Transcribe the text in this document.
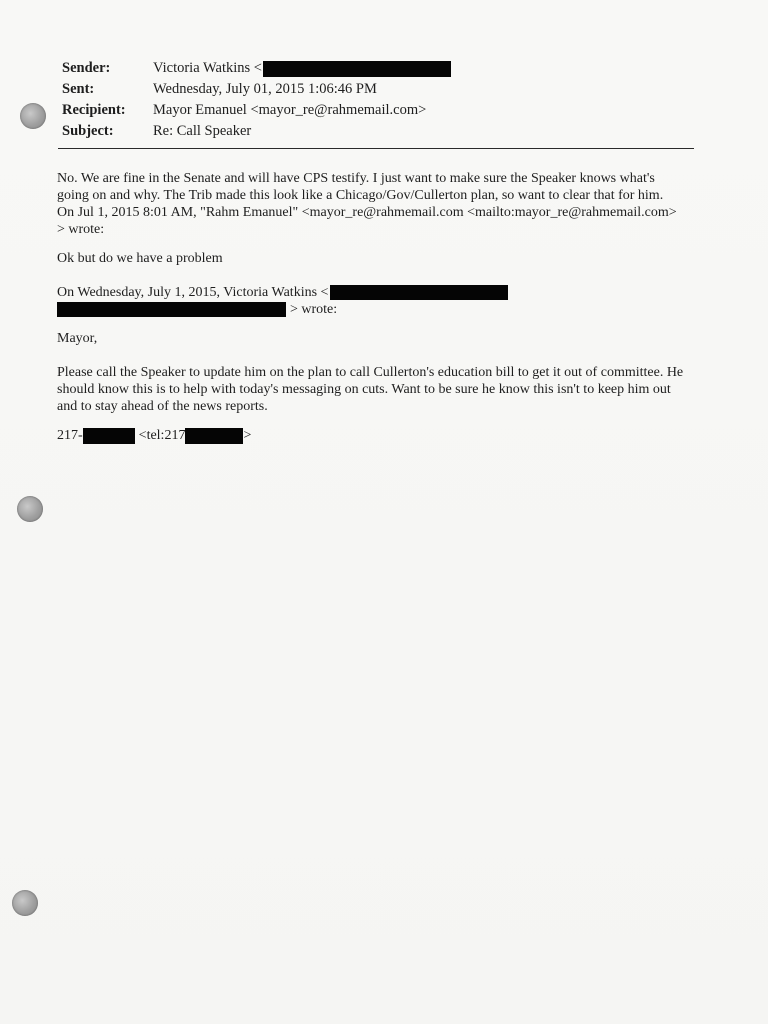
Sender:	Victoria Watkins <
Sent:	Wednesday, July 01, 2015 1:06:46 PM
Recipient: Mayor Emanuel <mayor_re@rahmemail.com>
Subject:	Re: Call Speaker
No. We are fine in the Senate and will have CPS testify. I just want to make sure the Speaker knows what's
going on and why. The Trib made this look like a Chicago/Gov/Cullerton plan, so want to clear that for him.
On Jul 1, 2015 8:01 AM, "Rahm Emanuel" <mayor_re@rahmemail.com <mailto:mayor_re@rahmemail.com>
> wrote:
Ok but do we have a problem
On Wednesday, July 1, 2015, Victoria Watkins <
> wrote:
Mayor,
Please call the Speaker to update him on the plan to call Cullerton's education bill to get it out of committee. He
should know this is to help with today's messaging on cuts. Want to be sure he know this isn't to keep him out
and to stay ahead of the news reports.
217-	<tel:217	>
